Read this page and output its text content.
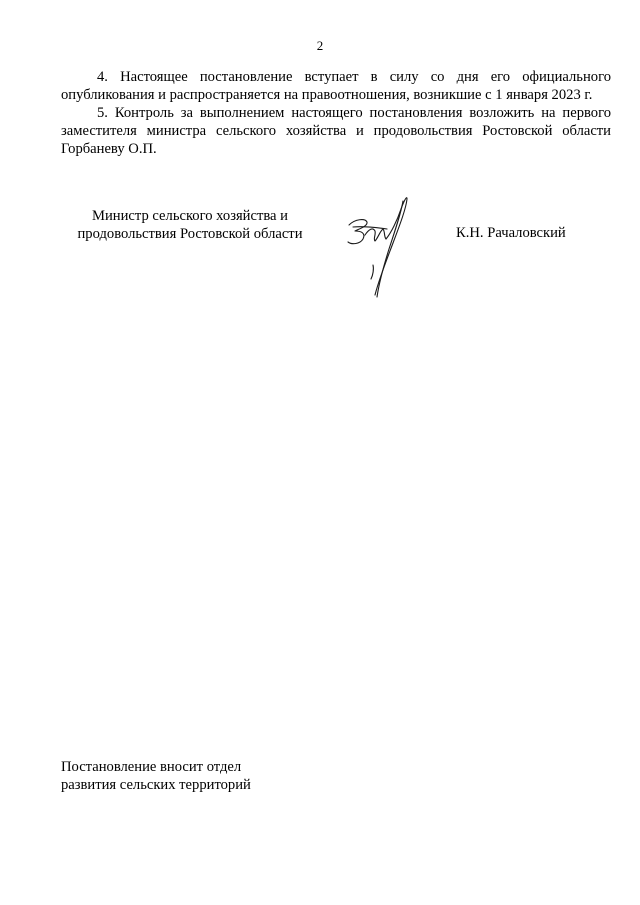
2

4. Настоящее постановление вступает в силу со дня его официального опубликования и распространяется на правоотношения, возникшие с 1 января 2023 г.

5. Контроль за выполнением настоящего постановления возложить на первого заместителя министра сельского хозяйства и продовольствия Ростовской области Горбаневу О.П.

Министр сельского хозяйства и
продовольствия Ростовской области	К.Н. Рачаловский
Постановление вносит отдел
развития сельских территорий
